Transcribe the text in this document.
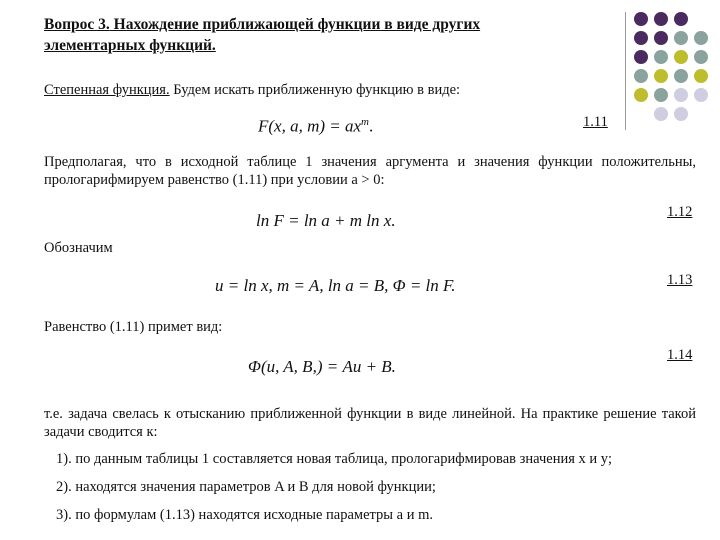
Вопрос 3. Нахождение приближающей функции в виде других
элементарных функций.
Степенная функция. Будем искать приближенную функцию в виде:
F(x, a, $m) = ax^m$.	1.11
Предполагая, что в исходной таблице 1 значения аргумента и значения функции положительны, прологарифмируем равенство (1.11) при условии a > 0:
ln F = ln a + m ln x.	1.12
Обозначим
u = ln x, m = A, ln a = B, Φ = ln F.	1.13
Равенство (1.11) примет вид:
Φ(u, A, B,) = Au + B.
1.14
т.е. задача свелась к отысканию приближенной функции в виде линейной. На практике решение такой задачи сводится к:
1). по данным таблицы 1 составляется новая таблица, прологарифмировав значения x и y;
2). находятся значения параметров A и B для новой функции;
3). по формулам (1.13) находятся исходные параметры a и m.
